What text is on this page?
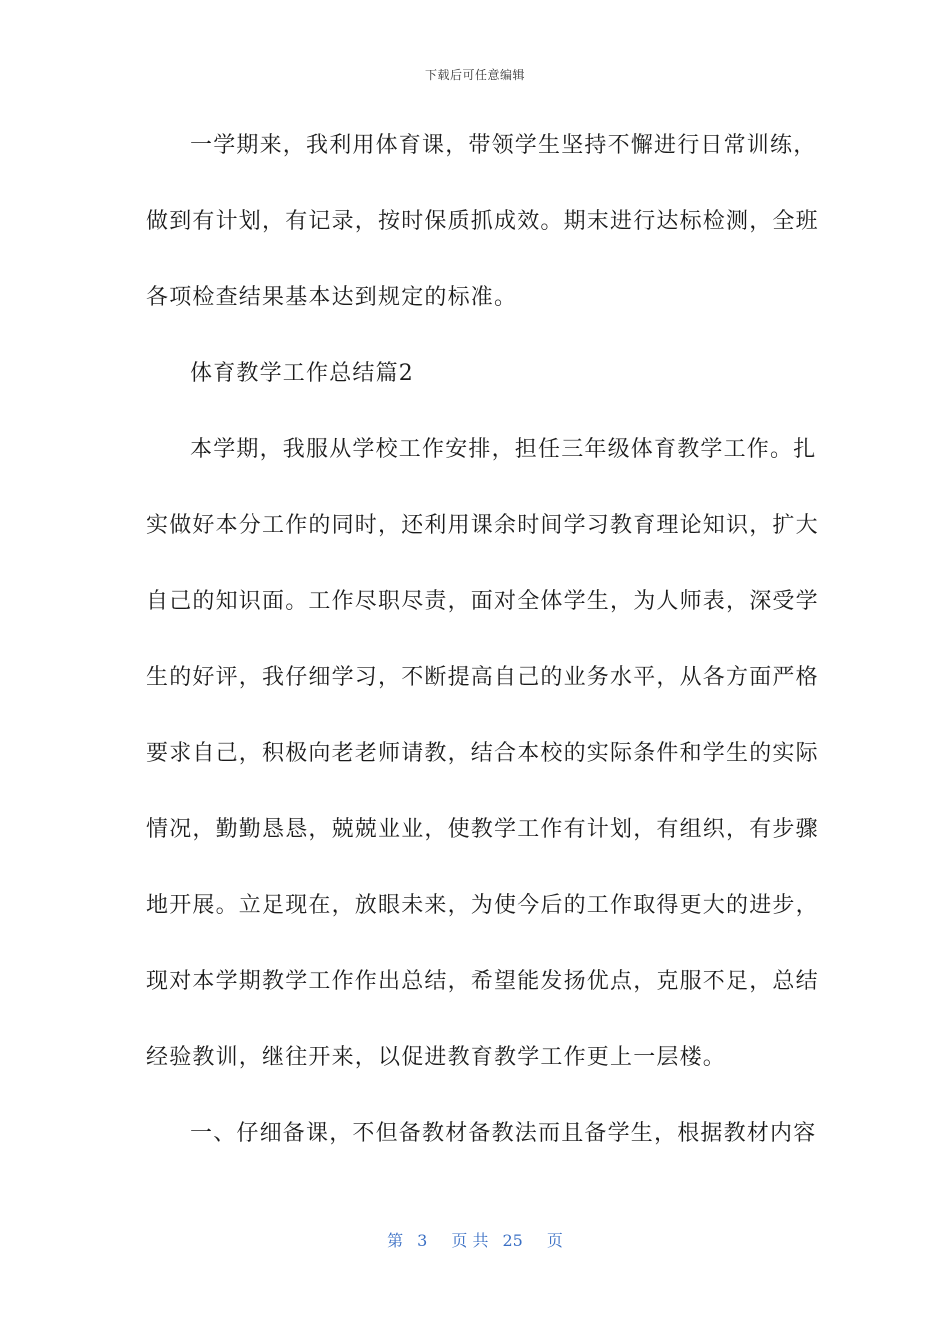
下载后可任意编辑
一学期来，我利用体育课，带领学生坚持不懈进行日常训练，
做到有计划，有记录，按时保质抓成效。期末进行达标检测，全班
各项检查结果基本达到规定的标准。
体育教学工作总结篇2
本学期，我服从学校工作安排，担任三年级体育教学工作。扎
实做好本分工作的同时，还利用课余时间学习教育理论知识，扩大
自己的知识面。工作尽职尽责，面对全体学生，为人师表，深受学
生的好评，我仔细学习，不断提高自己的业务水平，从各方面严格
要求自己，积极向老老师请教，结合本校的实际条件和学生的实际
情况，勤勤恳恳，兢兢业业，使教学工作有计划，有组织，有步骤
地开展。立足现在，放眼未来，为使今后的工作取得更大的进步，
现对本学期教学工作作出总结，希望能发扬优点，克服不足，总结
经验教训，继往开来，以促进教育教学工作更上一层楼。
一、仔细备课，不但备教材备教法而且备学生，根据教材内容
第 3 页 共 25 页
